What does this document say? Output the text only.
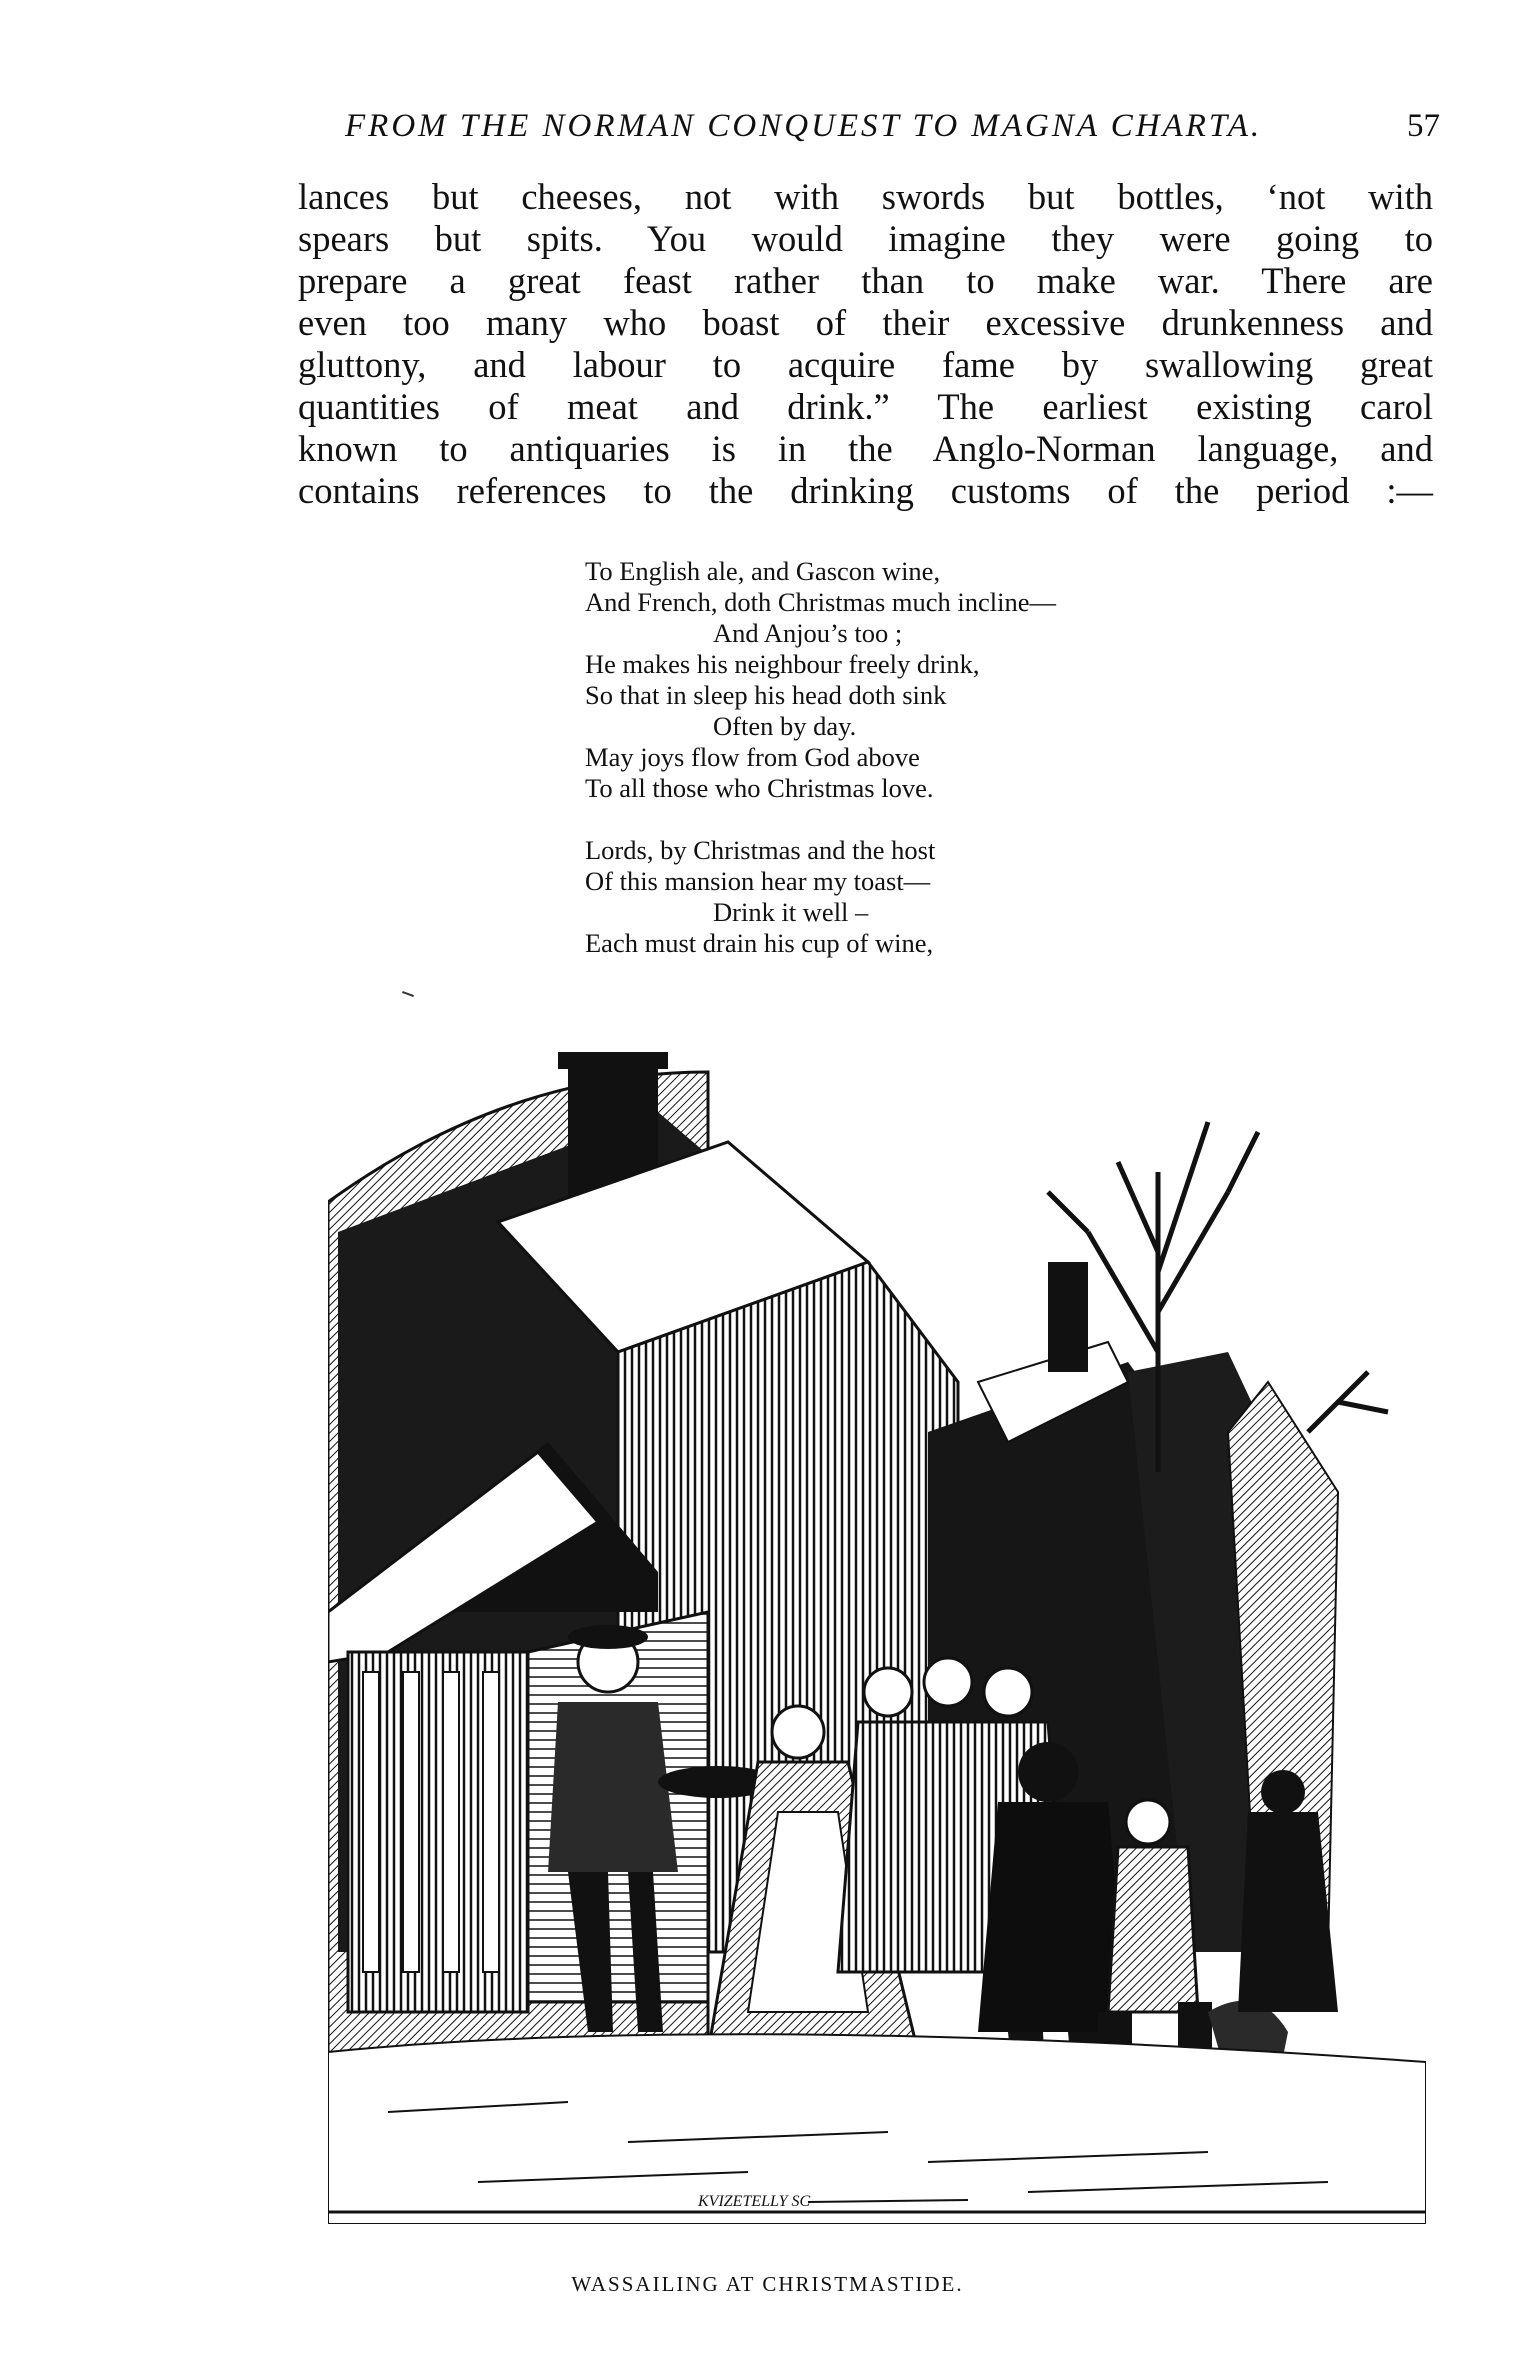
FROM THE NORMAN CONQUEST TO MAGNA CHARTA.	57

lances but cheeses, not with swords but bottles, ‘not with
spears but spits. You would imagine they were going to
prepare a great feast rather than to make war. There are
even too many who boast of their excessive drunkenness and
gluttony, and labour to acquire fame by swallowing great
quantities of meat and drink.” The earliest existing carol
known to antiquaries is in the Anglo-Norman language, and
contains references to the drinking customs of the period :—

To English ale, and Gascon wine,
And French, doth Christmas much incline—
And Anjou’s too ;
He makes his neighbour freely drink,
So that in sleep his head doth sink
Often by day.
May joys flow from God above
To all those who Christmas love.
Lords, by Christmas and the host
Of this mansion hear my toast—
Drink it well –
Each must drain his cup of wine,
KVIZETELLY SC
WASSAILING AT CHRISTMASTIDE.
